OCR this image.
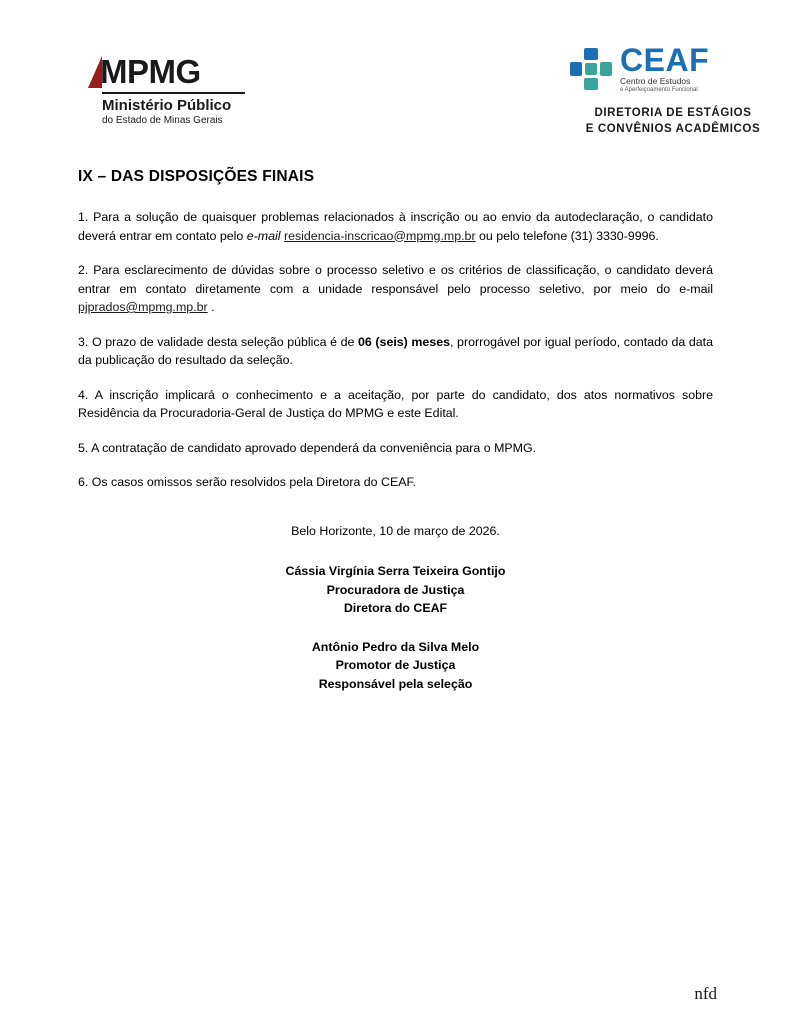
MPMG
Ministério Público
do Estado de Minas Gerais
CEAF
Centro de Estudos
e Aperfeiçoamento Funcional
DIRETORIA DE ESTÁGIOS
E CONVÊNIOS ACADÊMICOS
IX – DAS DISPOSIÇÕES FINAIS

1. Para a solução de quaisquer problemas relacionados à inscrição ou ao envio da autodeclaração, o candidato deverá entrar em contato pelo e-mail residencia-inscricao@mpmg.mp.br ou pelo telefone (31) 3330-9996.

2. Para esclarecimento de dúvidas sobre o processo seletivo e os critérios de classificação, o candidato deverá entrar em contato diretamente com a unidade responsável pelo processo seletivo, por meio do e-mail pjprados@mpmg.mp.br .

3. O prazo de validade desta seleção pública é de 06 (seis) meses, prorrogável por igual período, contado da data da publicação do resultado da seleção.

4. A inscrição implicará o conhecimento e a aceitação, por parte do candidato, dos atos normativos sobre Residência da Procuradoria-Geral de Justiça do MPMG e este Edital.

5. A contratação de candidato aprovado dependerá da conveniência para o MPMG.

6. Os casos omissos serão resolvidos pela Diretora do CEAF.

Belo Horizonte, 10 de março de 2026.
Cássia Virgínia Serra Teixeira Gontijo
Procuradora de Justiça
Diretora do CEAF
Antônio Pedro da Silva Melo
Promotor de Justiça
Responsável pela seleção
nfd
